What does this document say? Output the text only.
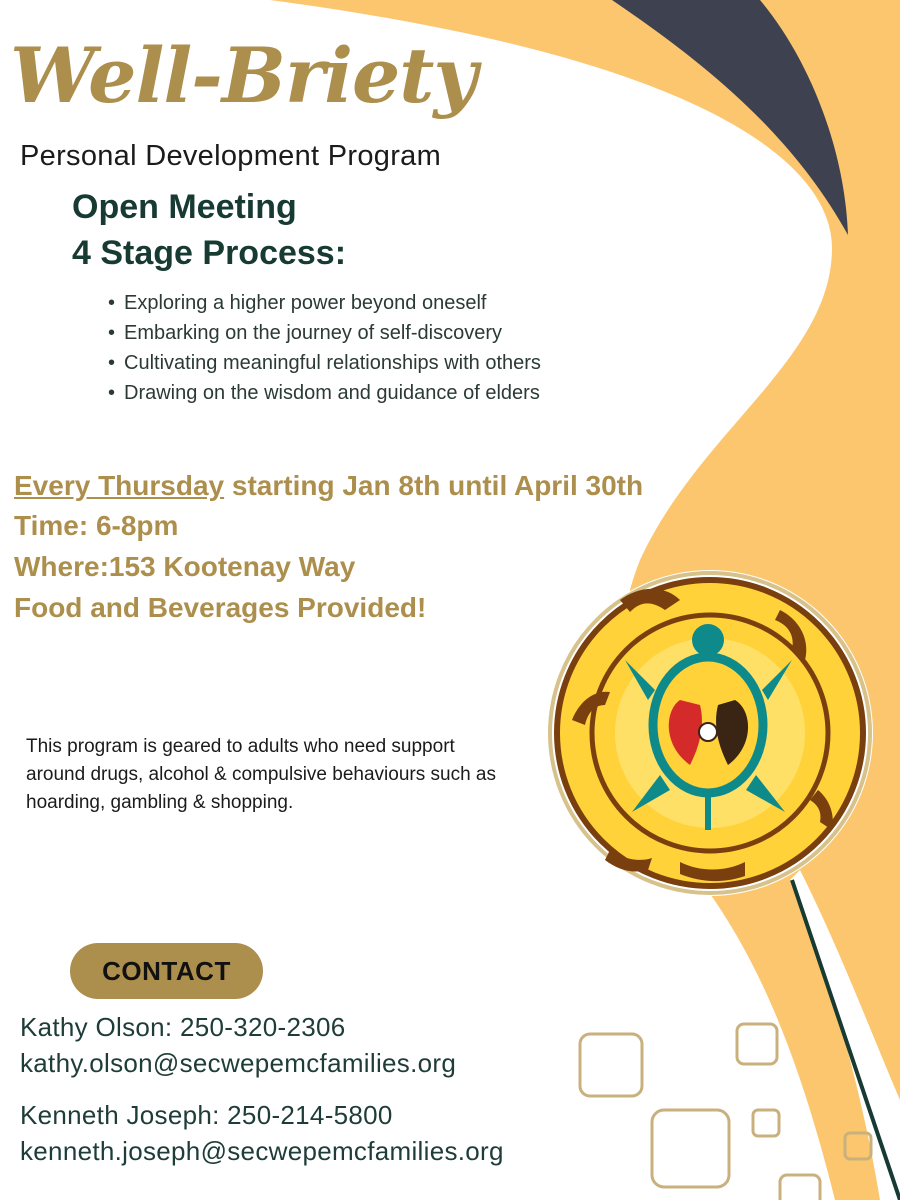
Well-Briety
Personal Development Program
Open Meeting
4 Stage Process:
• Exploring a higher power beyond oneself
• Embarking on the journey of self-discovery
• Cultivating meaningful relationships with others
• Drawing on the wisdom and guidance of elders
Every Thursday starting Jan 8th until April 30th
Time: 6-8pm
Where:153 Kootenay Way
Food and Beverages Provided!
This program is geared to adults who need support around drugs, alcohol & compulsive behaviours such as hoarding, gambling & shopping.
CONTACT
Kathy Olson: 250-320-2306
kathy.olson@secwepemcfamilies.org
Kenneth Joseph: 250-214-5800
kenneth.joseph@secwepemcfamilies.org
